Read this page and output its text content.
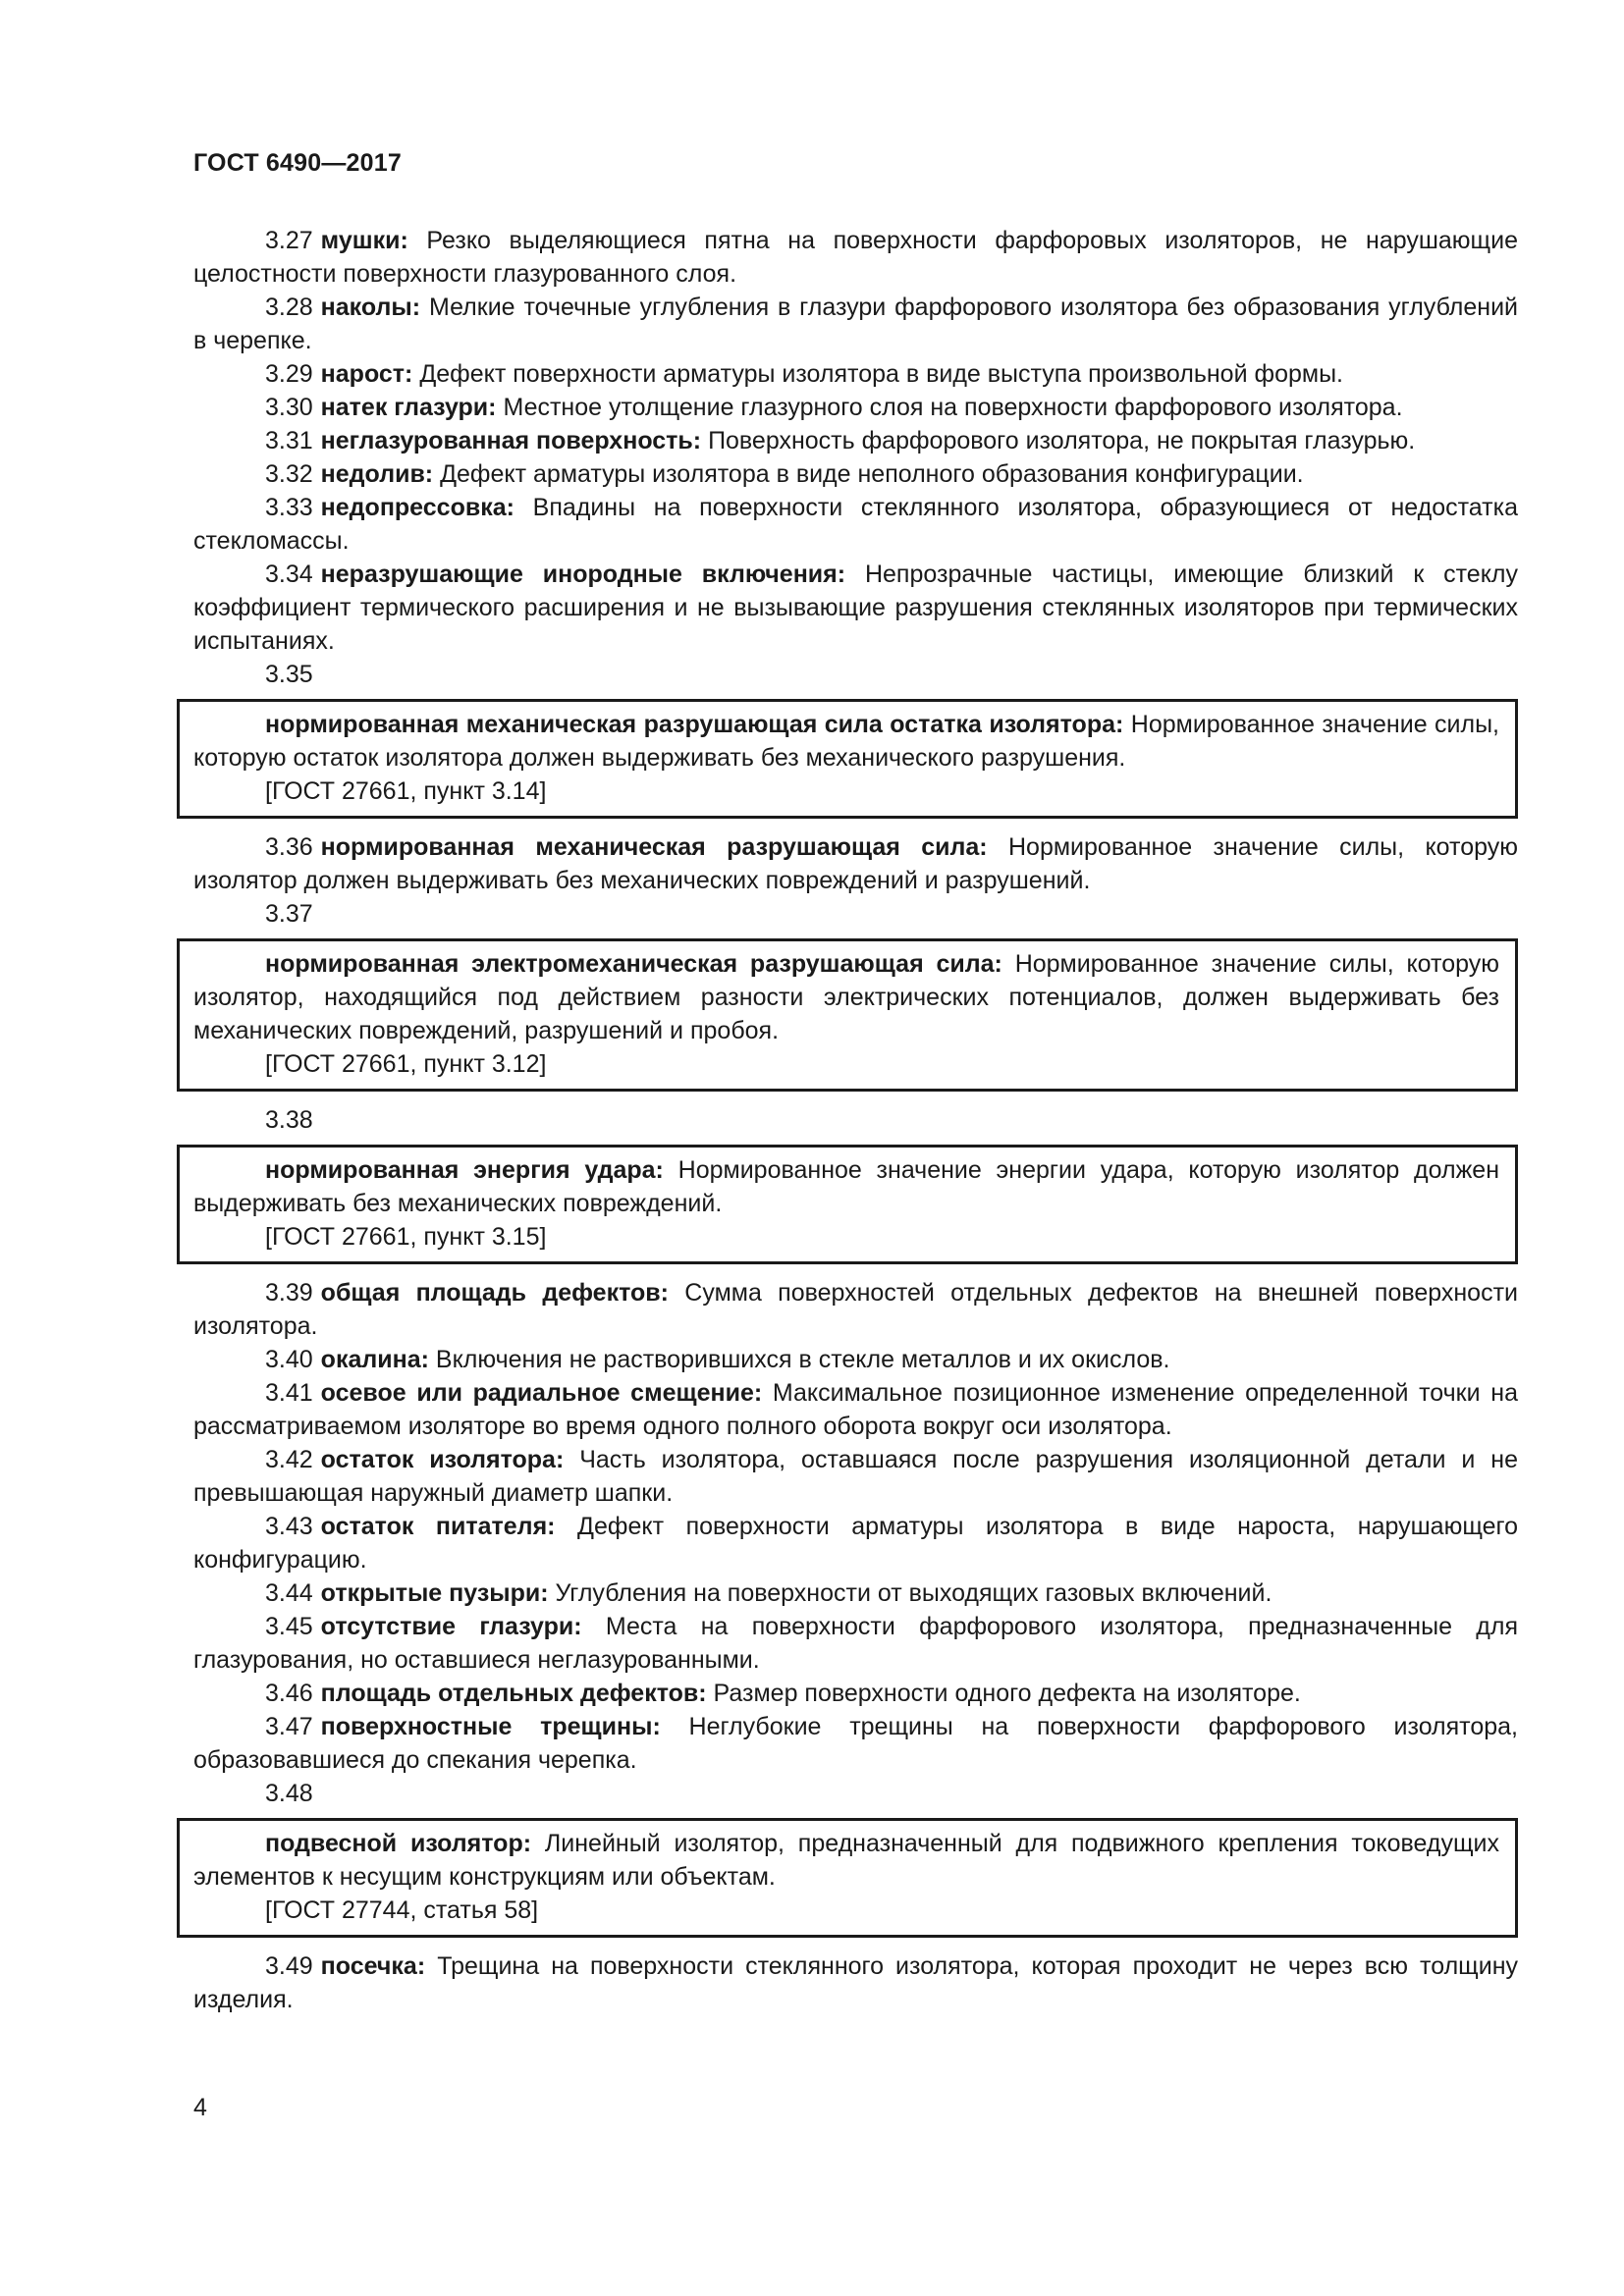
ГОСТ 6490—2017

3.27 мушки: Резко выделяющиеся пятна на поверхности фарфоровых изоляторов, не нарушающие целостности поверхности глазурованного слоя.

3.28 наколы: Мелкие точечные углубления в глазури фарфорового изолятора без образования углублений в черепке.

3.29 нарост: Дефект поверхности арматуры изолятора в виде выступа произвольной формы.

3.30 натек глазури: Местное утолщение глазурного слоя на поверхности фарфорового изолятора.

3.31 неглазурованная поверхность: Поверхность фарфорового изолятора, не покрытая глазурью.

3.32 недолив: Дефект арматуры изолятора в виде неполного образования конфигурации.

3.33 недопрессовка: Впадины на поверхности стеклянного изолятора, образующиеся от недостатка стекломассы.

3.34 неразрушающие инородные включения: Непрозрачные частицы, имеющие близкий к стеклу коэффициент термического расширения и не вызывающие разрушения стеклянных изоляторов при термических испытаниях.

3.35

нормированная механическая разрушающая сила остатка изолятора: Нормированное значение силы, которую остаток изолятора должен выдерживать без механического разрушения.

[ГОСТ 27661, пункт 3.14]

3.36 нормированная механическая разрушающая сила: Нормированное значение силы, которую изолятор должен выдерживать без механических повреждений и разрушений.

3.37

нормированная электромеханическая разрушающая сила: Нормированное значение силы, которую изолятор, находящийся под действием разности электрических потенциалов, должен выдерживать без механических повреждений, разрушений и пробоя.

[ГОСТ 27661, пункт 3.12]

3.38

нормированная энергия удара: Нормированное значение энергии удара, которую изолятор должен выдерживать без механических повреждений.

[ГОСТ 27661, пункт 3.15]

3.39 общая площадь дефектов: Сумма поверхностей отдельных дефектов на внешней поверхности изолятора.

3.40 окалина: Включения не растворившихся в стекле металлов и их окислов.

3.41 осевое или радиальное смещение: Максимальное позиционное изменение определенной точки на рассматриваемом изоляторе во время одного полного оборота вокруг оси изолятора.

3.42 остаток изолятора: Часть изолятора, оставшаяся после разрушения изоляционной детали и не превышающая наружный диаметр шапки.

3.43 остаток питателя: Дефект поверхности арматуры изолятора в виде нароста, нарушающего конфигурацию.

3.44 открытые пузыри: Углубления на поверхности от выходящих газовых включений.

3.45 отсутствие глазури: Места на поверхности фарфорового изолятора, предназначенные для глазурования, но оставшиеся неглазурованными.

3.46 площадь отдельных дефектов: Размер поверхности одного дефекта на изоляторе.

3.47 поверхностные трещины: Неглубокие трещины на поверхности фарфорового изолятора, образовавшиеся до спекания черепка.

3.48

подвесной изолятор: Линейный изолятор, предназначенный для подвижного крепления токоведущих элементов к несущим конструкциям или объектам.

[ГОСТ 27744, статья 58]

3.49 посечка: Трещина на поверхности стеклянного изолятора, которая проходит не через всю толщину изделия.

4
